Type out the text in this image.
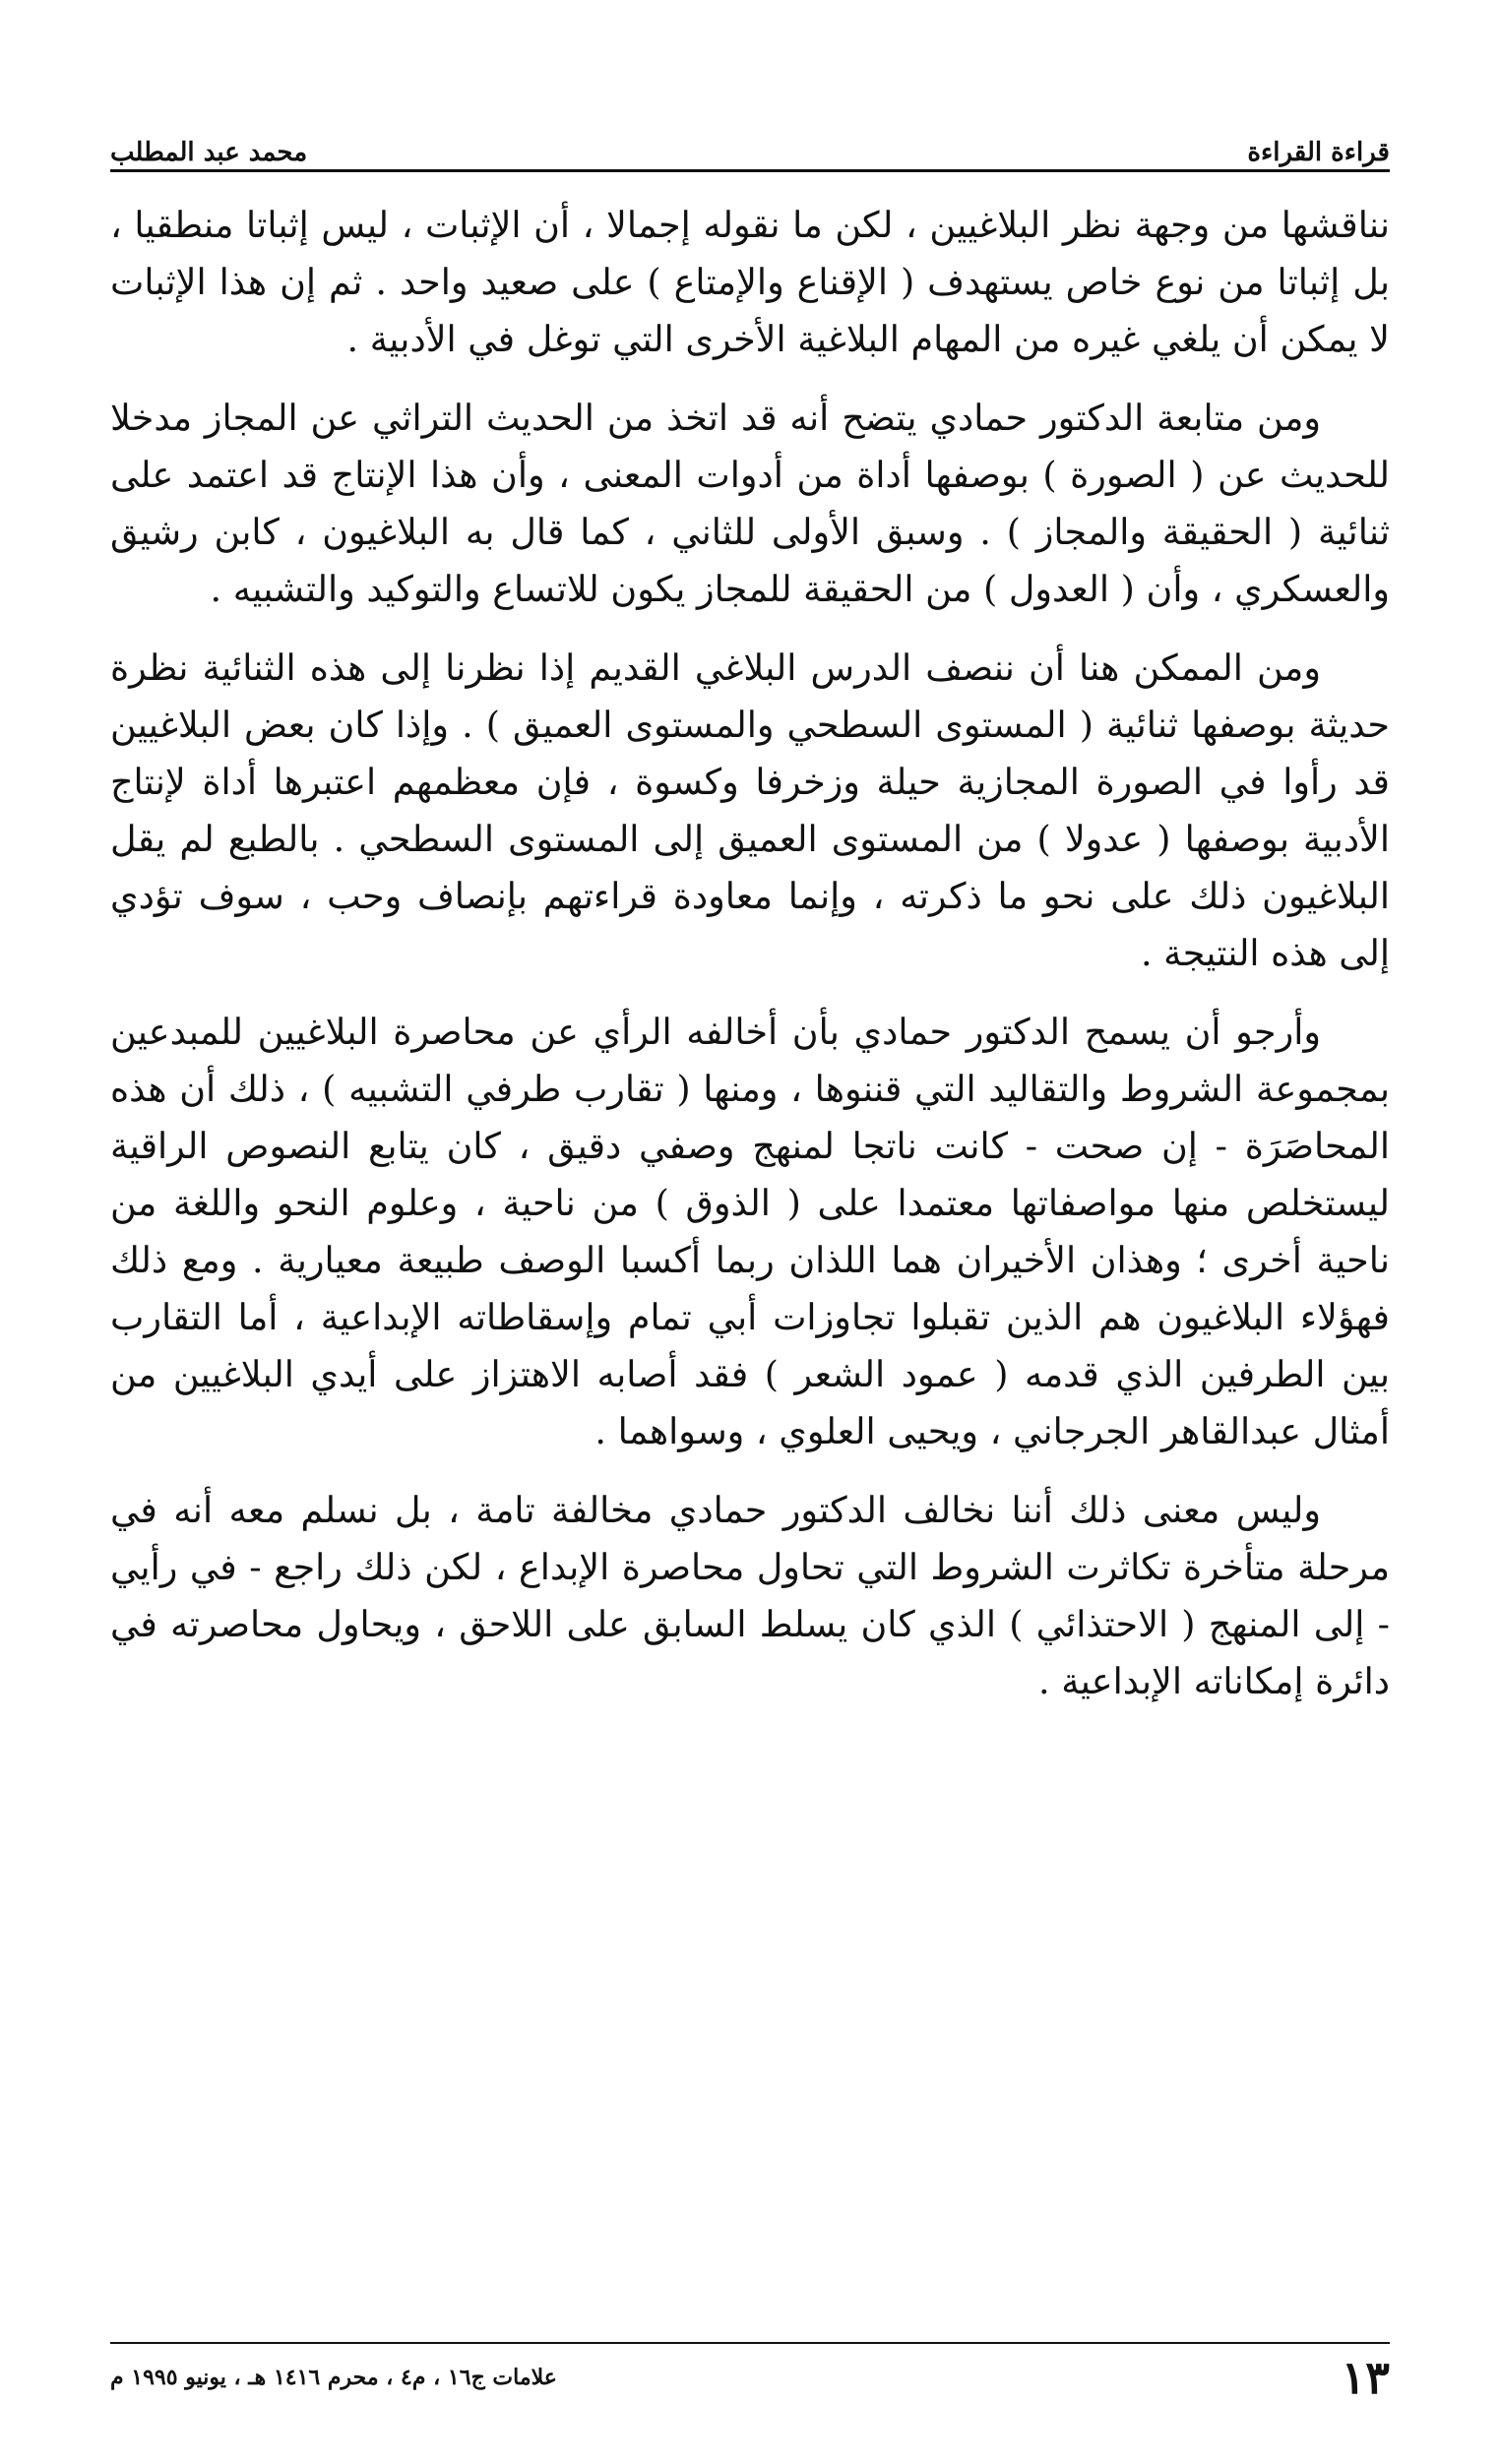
قراءة القراءة
محمد عبد المطلب

نناقشها من وجهة نظر البلاغيين ، لكن ما نقوله إجمالا ، أن الإثبات ، ليس إثباتا منطقيا ، بل إثباتا من نوع خاص يستهدف ( الإقناع والإمتاع ) على صعيد واحد . ثم إن هذا الإثبات لا يمكن أن يلغي غيره من المهام البلاغية الأخرى التي توغل في الأدبية .

ومن متابعة الدكتور حمادي يتضح أنه قد اتخذ من الحديث التراثي عن المجاز مدخلا للحديث عن ( الصورة ) بوصفها أداة من أدوات المعنى ، وأن هذا الإنتاج قد اعتمد على ثنائية ( الحقيقة والمجاز ) . وسبق الأولى للثاني ، كما قال به البلاغيون ، كابن رشيق والعسكري ، وأن ( العدول ) من الحقيقة للمجاز يكون للاتساع والتوكيد والتشبيه .

ومن الممكن هنا أن ننصف الدرس البلاغي القديم إذا نظرنا إلى هذه الثنائية نظرة حديثة بوصفها ثنائية ( المستوى السطحي والمستوى العميق ) . وإذا كان بعض البلاغيين قد رأوا في الصورة المجازية حيلة وزخرفا وكسوة ، فإن معظمهم اعتبرها أداة لإنتاج الأدبية بوصفها ( عدولا ) من المستوى العميق إلى المستوى السطحي . بالطبع لم يقل البلاغيون ذلك على نحو ما ذكرته ، وإنما معاودة قراءتهم بإنصاف وحب ، سوف تؤدي إلى هذه النتيجة .

وأرجو أن يسمح الدكتور حمادي بأن أخالفه الرأي عن محاصرة البلاغيين للمبدعين بمجموعة الشروط والتقاليد التي قننوها ، ومنها ( تقارب طرفي التشبيه ) ، ذلك أن هذه المحاصَرَة - إن صحت - كانت ناتجا لمنهج وصفي دقيق ، كان يتابع النصوص الراقية ليستخلص منها مواصفاتها معتمدا على ( الذوق ) من ناحية ، وعلوم النحو واللغة من ناحية أخرى ؛ وهذان الأخيران هما اللذان ربما أكسبا الوصف طبيعة معيارية . ومع ذلك فهؤلاء البلاغيون هم الذين تقبلوا تجاوزات أبي تمام وإسقاطاته الإبداعية ، أما التقارب بين الطرفين الذي قدمه ( عمود الشعر ) فقد أصابه الاهتزاز على أيدي البلاغيين من أمثال عبدالقاهر الجرجاني ، ويحيى العلوي ، وسواهما .

وليس معنى ذلك أننا نخالف الدكتور حمادي مخالفة تامة ، بل نسلم معه أنه في مرحلة متأخرة تكاثرت الشروط التي تحاول محاصرة الإبداع ، لكن ذلك راجع - في رأيي - إلى المنهج ( الاحتذائي ) الذي كان يسلط السابق على اللاحق ، ويحاول محاصرته في دائرة إمكاناته الإبداعية .

١٣
علامات ج١٦ ، م٤ ، محرم ١٤١٦ هـ ، يونيو ١٩٩٥ م
